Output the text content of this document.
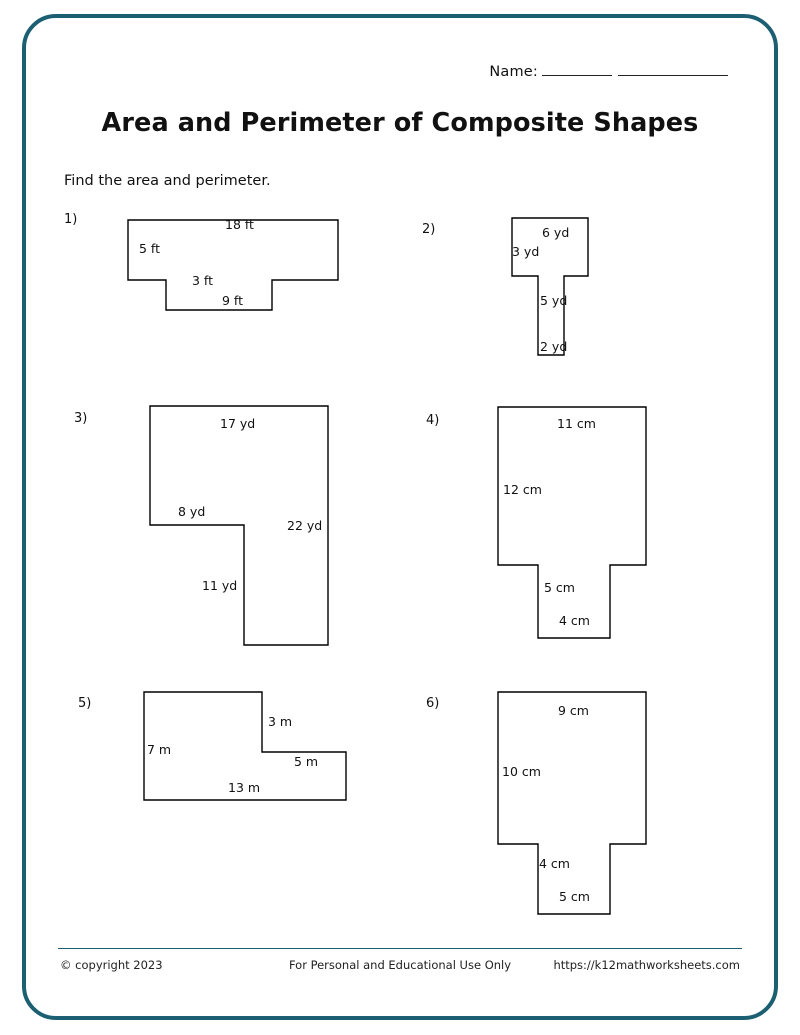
Name:
Area and Perimeter of Composite Shapes
Find the area and perimeter.
1)	18 ft
5 ft
3 ft
9 ft
2)	6 yd
3 yd
5 yd
2 yd
3)	17 yd
8 yd
22 yd
11 yd
4)	11 cm
12 cm
5 cm
4 cm
5)
3 m
7 m
5 m
13 m
6)	9 cm
10 cm
4 cm
5 cm
© copyright 2023	For Personal and Educational Use Only	https://k12mathworksheets.com
